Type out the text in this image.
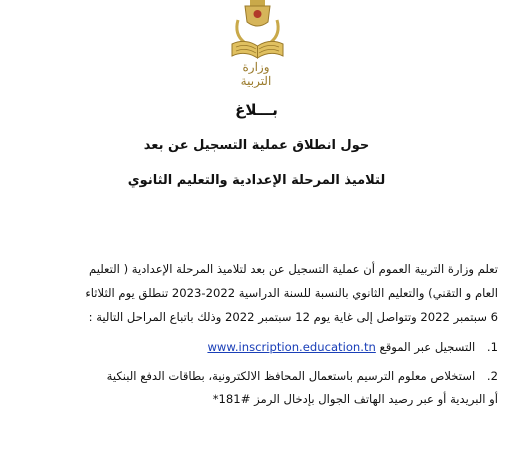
وزارة التربية
بـــلاغ
حول انطلاق عملية التسجيل عن بعد
لتلاميذ المرحلة الإعدادية والتعليم الثانوي
تعلم وزارة التربية العموم أن عملية التسجيل عن بعد لتلاميذ المرحلة الإعدادية ( التعليم
العام و التقني) والتعليم الثانوي بالنسبة للسنة الدراسية 2022-2023 تنطلق يوم الثلاثاء
6 سبتمبر 2022 وتتواصل إلى غاية يوم 12 سبتمبر 2022 وذلك باتباع المراحل التالية :
1. التسجيل عبر الموقع www.inscription.education.tn
2. استخلاص معلوم الترسيم باستعمال المحافظ الالكترونية، بطاقات الدفع البنكية
أو البريدية أو عبر رصيد الهاتف الجوال بإدخال الرمز #181*
